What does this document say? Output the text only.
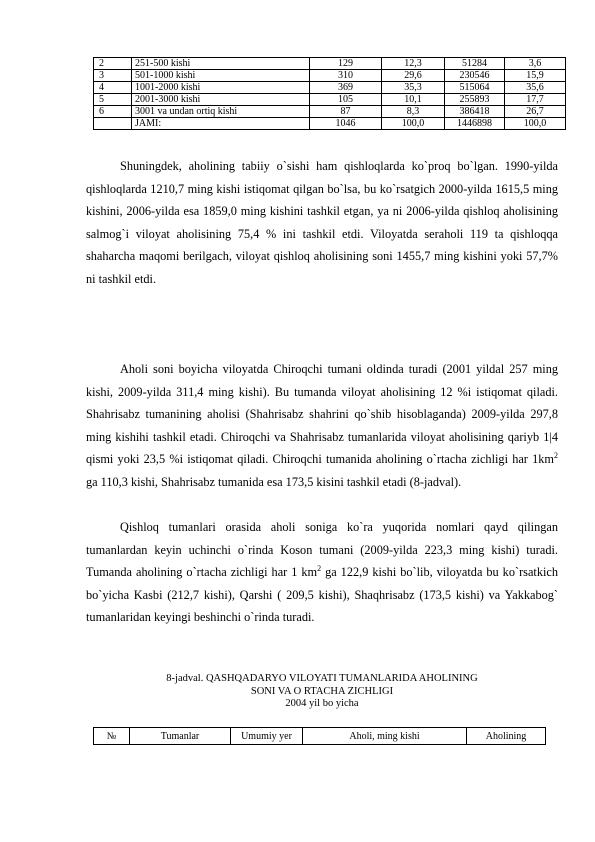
2	251-500 kishi	129	12,3	51284	3,6
3	501-1000 kishi	310	29,6	230546	15,9
4	1001-2000 kishi	369	35,3	515064	35,6
5	2001-3000 kishi	105	10,1	255893	17,7
6	3001 va undan ortiq kishi	87	8,3	386418	26,7
	JAMI:	1046	100,0	1446898	100,0

Shuningdek, aholining tabiiy o`sishi ham qishloqlarda ko`proq bo`lgan. 1990-yilda qishloqlarda 1210,7 ming kishi istiqomat qilgan bo`lsa, bu ko`rsatgich 2000-yilda 1615,5 ming kishini, 2006-yilda esa 1859,0 ming kishini tashkil etgan, ya ni 2006-yilda qishloq aholisining salmog`i viloyat aholisining 75,4 % ini tashkil etdi. Viloyatda seraholi 119 ta qishloqqa shaharcha maqomi berilgach, viloyat qishloq aholisining soni 1455,7 ming kishini yoki 57,7% ni tashkil etdi.

Aholi soni boyicha viloyatda Chiroqchi tumani oldinda turadi (2001 yildal 257 ming kishi, 2009-yilda 311,4 ming kishi). Bu tumanda viloyat aholisining 12 %i istiqomat qiladi. Shahrisabz tumanining aholisi (Shahrisabz shahrini qo`shib hisoblaganda) 2009-yilda 297,8 ming kishihi tashkil etadi. Chiroqchi va Shahrisabz tumanlarida viloyat aholisining qariyb 1|4 qismi yoki 23,5 %i istiqomat qiladi. Chiroqchi tumanida aholining o`rtacha zichligi har $1km^2$ ga 110,3 kishi, Shahrisabz tumanida esa 173,5 kisini tashkil etadi (8-jadval).

Qishloq tumanlari orasida aholi soniga ko`ra yuqorida nomlari qayd qilingan tumanlardan keyin uchinchi o`rinda Koson tumani (2009-yilda 223,3 ming kishi) turadi. Tumanda aholining o`rtacha zichligi har 1 $km^2$ ga 122,9 kishi bo`lib, viloyatda bu ko`rsatkich bo`yicha Kasbi (212,7 kishi), Qarshi ( 209,5 kishi), Shaqhrisabz (173,5 kishi) va Yakkabog` tumanlaridan keyingi beshinchi o`rinda turadi.

8-jadval. QASHQADARYO VILOYATI TUMANLARIDA AHOLINING
SONI VA O RTACHA ZICHLIGI
2004 yil bo yicha
№	Tumanlar	Umumiy yer	Aholi, ming kishi	Aholining
